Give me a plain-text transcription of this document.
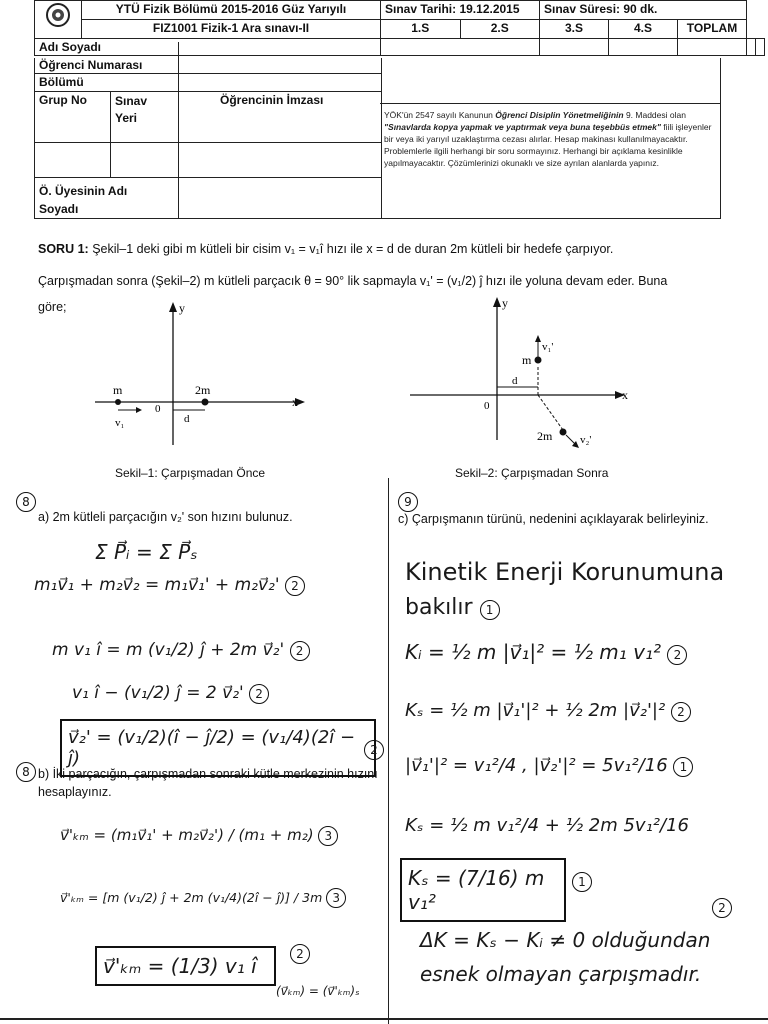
	YTÜ Fizik Bölümü 2015-2016 Güz Yarıyılı	Sınav Tarihi: 19.12.2015		Sınav Süresi: 90 dk.				
	FIZ1001 Fizik-1 Ara sınavı-II	1.S	2.S	3.S	4.S	TOPLAM		
Adı Soyadı								
Öğrenci Numarası
Bölümü
Grup No Sınav Yeri
Öğrencinin İmzası
Ö. Üyesinin Adı Soyadı
YÖK'ün 2547 sayılı Kanunun Öğrenci Disiplin Yönetmeliğinin 9. Maddesi olan "Sınavlarda kopya yapmak ve yaptırmak veya buna teşebbüs etmek" fiili işleyenler bir veya iki yarıyıl uzaklaştırma cezası alırlar. Hesap makinası kullanılmayacaktır. Problemlerle ilgili herhangi bir soru sormayınız. Herhangi bir açıklama kesinlikle yapılmayacaktır. Çözümlerinizi okunaklı ve size ayrılan alanlarda yapınız.
SORU 1: Şekil–1 deki gibi m kütleli bir cisim v₁ = v₁î hızı ile x = d de duran 2m kütleli bir hedefe çarpıyor.
Çarpışmadan sonra (Şekil–2) m kütleli parçacık θ = 90° lik sapmayla v₁' = (v₁/2) ĵ hızı ile yoluna devam eder. Buna
göre;
x
y
0
m	2m
v₁	d
x
y
0
m
v₁'
d
2m	v₂'
Sekil–1: Çarpışmadan Önce	Sekil–2: Çarpışmadan Sonra
8
a) 2m kütleli parçacığın v₂' son hızını bulunuz.
Σ P⃗ᵢ = Σ P⃗ₛ
m₁v⃗₁ + m₂v⃗₂ = m₁v⃗₁' + m₂v⃗₂' 2
m v₁ î = m (v₁/2) ĵ + 2m v⃗₂' 2
v₁ î − (v₁/2) ĵ = 2 v⃗₂' 2
v⃗₂' = (v₁/2)(î − ĵ/2) = (v₁/4)(2î − ĵ)	2
8 b) İki parçacığın, çarpışmadan sonraki kütle merkezinin hızını hesaplayınız.
v⃗'ₖₘ = (m₁v⃗₁' + m₂v⃗₂') / (m₁ + m₂) 3
v⃗'ₖₘ = [m (v₁/2) ĵ + 2m (v₁/4)(2î − ĵ)] / 3m 3
v⃗'ₖₘ = (1/3) v₁ î	2
(v⃗ₖₘ) = (v⃗'ₖₘ)ₛ
9
c) Çarpışmanın türünü, nedenini açıklayarak belirleyiniz.
Kinetik Enerji Korunumuna
bakılır 1
Kᵢ = ½ m |v⃗₁|² = ½ m₁ v₁² 2
Kₛ = ½ m |v⃗₁'|² + ½ 2m |v⃗₂'|² 2
|v⃗₁'|² = v₁²/4 , |v⃗₂'|² = 5v₁²/16 1
Kₛ = ½ m v₁²/4 + ½ 2m 5v₁²/16
Kₛ = (7/16) m v₁²
1
2
ΔK = Kₛ − Kᵢ ≠ 0 olduğundan
esnek olmayan çarpışmadır.
